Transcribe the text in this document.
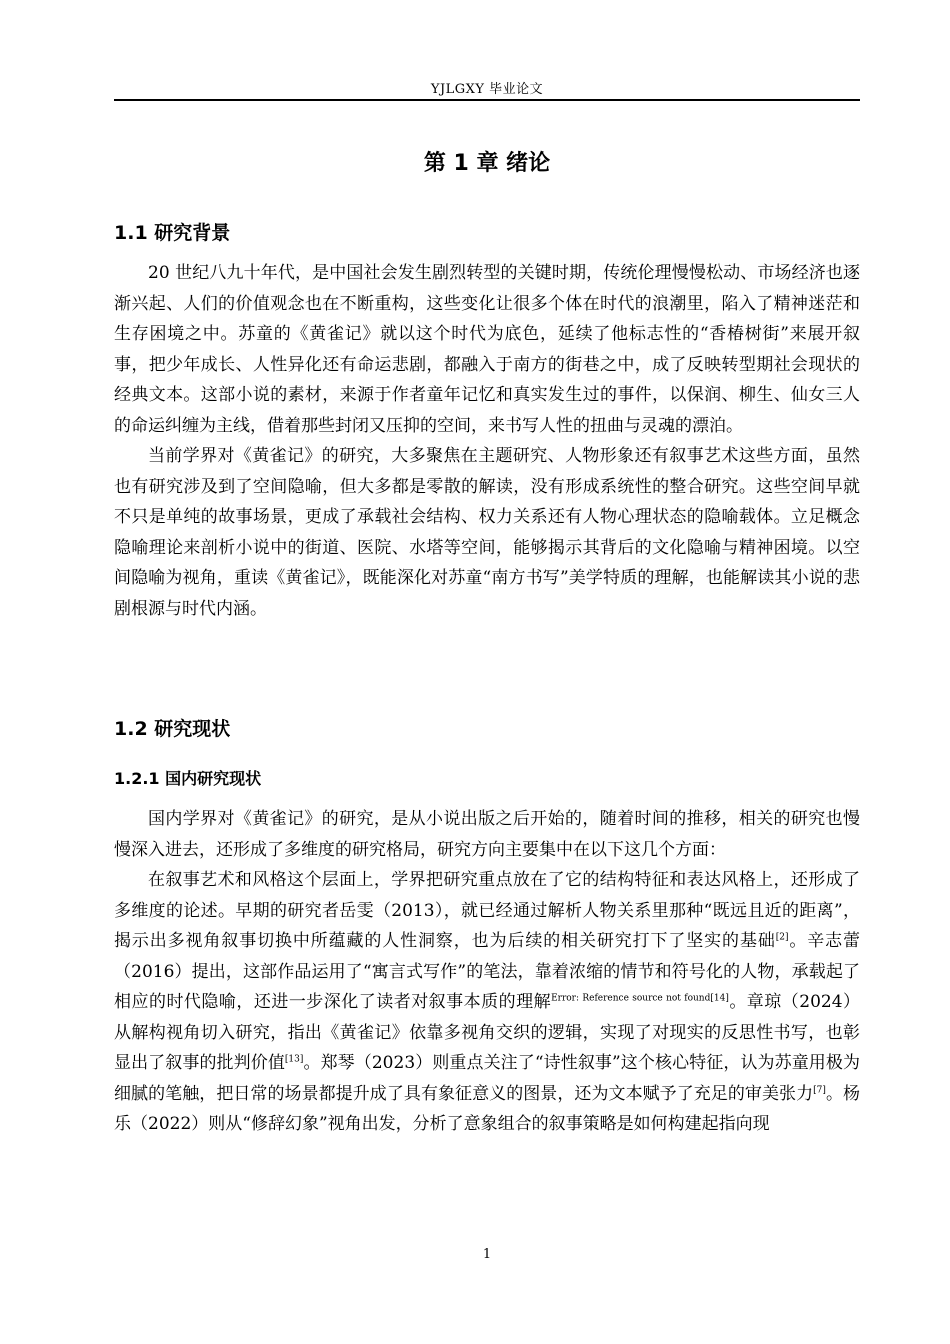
YJLGXY 毕业论文
第 1 章 绪论
1.1 研究背景

20 世纪八九十年代，是中国社会发生剧烈转型的关键时期，传统伦理慢慢松动、市场经济也逐渐兴起、人们的价值观念也在不断重构，这些变化让很多个体在时代的浪潮里，陷入了精神迷茫和生存困境之中。苏童的《黄雀记》就以这个时代为底色，延续了他标志性的“香椿树街”来展开叙事，把少年成长、人性异化还有命运悲剧，都融入于南方的街巷之中，成了反映转型期社会现状的经典文本。这部小说的素材，来源于作者童年记忆和真实发生过的事件，以保润、柳生、仙女三人的命运纠缠为主线，借着那些封闭又压抑的空间，来书写人性的扭曲与灵魂的漂泊。

当前学界对《黄雀记》的研究，大多聚焦在主题研究、人物形象还有叙事艺术这些方面，虽然也有研究涉及到了空间隐喻，但大多都是零散的解读，没有形成系统性的整合研究。这些空间早就不只是单纯的故事场景，更成了承载社会结构、权力关系还有人物心理状态的隐喻载体。立足概念隐喻理论来剖析小说中的街道、医院、水塔等空间，能够揭示其背后的文化隐喻与精神困境。以空间隐喻为视角，重读《黄雀记》，既能深化对苏童“南方书写”美学特质的理解，也能解读其小说的悲剧根源与时代内涵。

1.2 研究现状
1.2.1 国内研究现状

国内学界对《黄雀记》的研究，是从小说出版之后开始的，随着时间的推移，相关的研究也慢慢深入进去，还形成了多维度的研究格局，研究方向主要集中在以下这几个方面：

在叙事艺术和风格这个层面上，学界把研究重点放在了它的结构特征和表达风格上，还形成了多维度的论述。早期的研究者岳雯（2013），就已经通过解析人物关系里那种“既远且近的距离”，揭示出多视角叙事切换中所蕴藏的人性洞察，也为后续的相关研究打下了坚实的基础[2]。辛志蕾（2016）提出，这部作品运用了“寓言式写作”的笔法，靠着浓缩的情节和符号化的人物，承载起了相应的时代隐喻，还进一步深化了读者对叙事本质的理解$^{Error: Reference source not found[14]}$。章琼（2024）从解构视角切入研究，指出《黄雀记》依靠多视角交织的逻辑，实现了对现实的反思性书写，也彰显出了叙事的批判价值[13]。郑琴（2023）则重点关注了“诗性叙事”这个核心特征，认为苏童用极为细腻的笔触，把日常的场景都提升成了具有象征意义的图景，还为文本赋予了充足的审美张力[7]。杨乐（2022）则从“修辞幻象”视角出发，分析了意象组合的叙事策略是如何构建起指向现

1
